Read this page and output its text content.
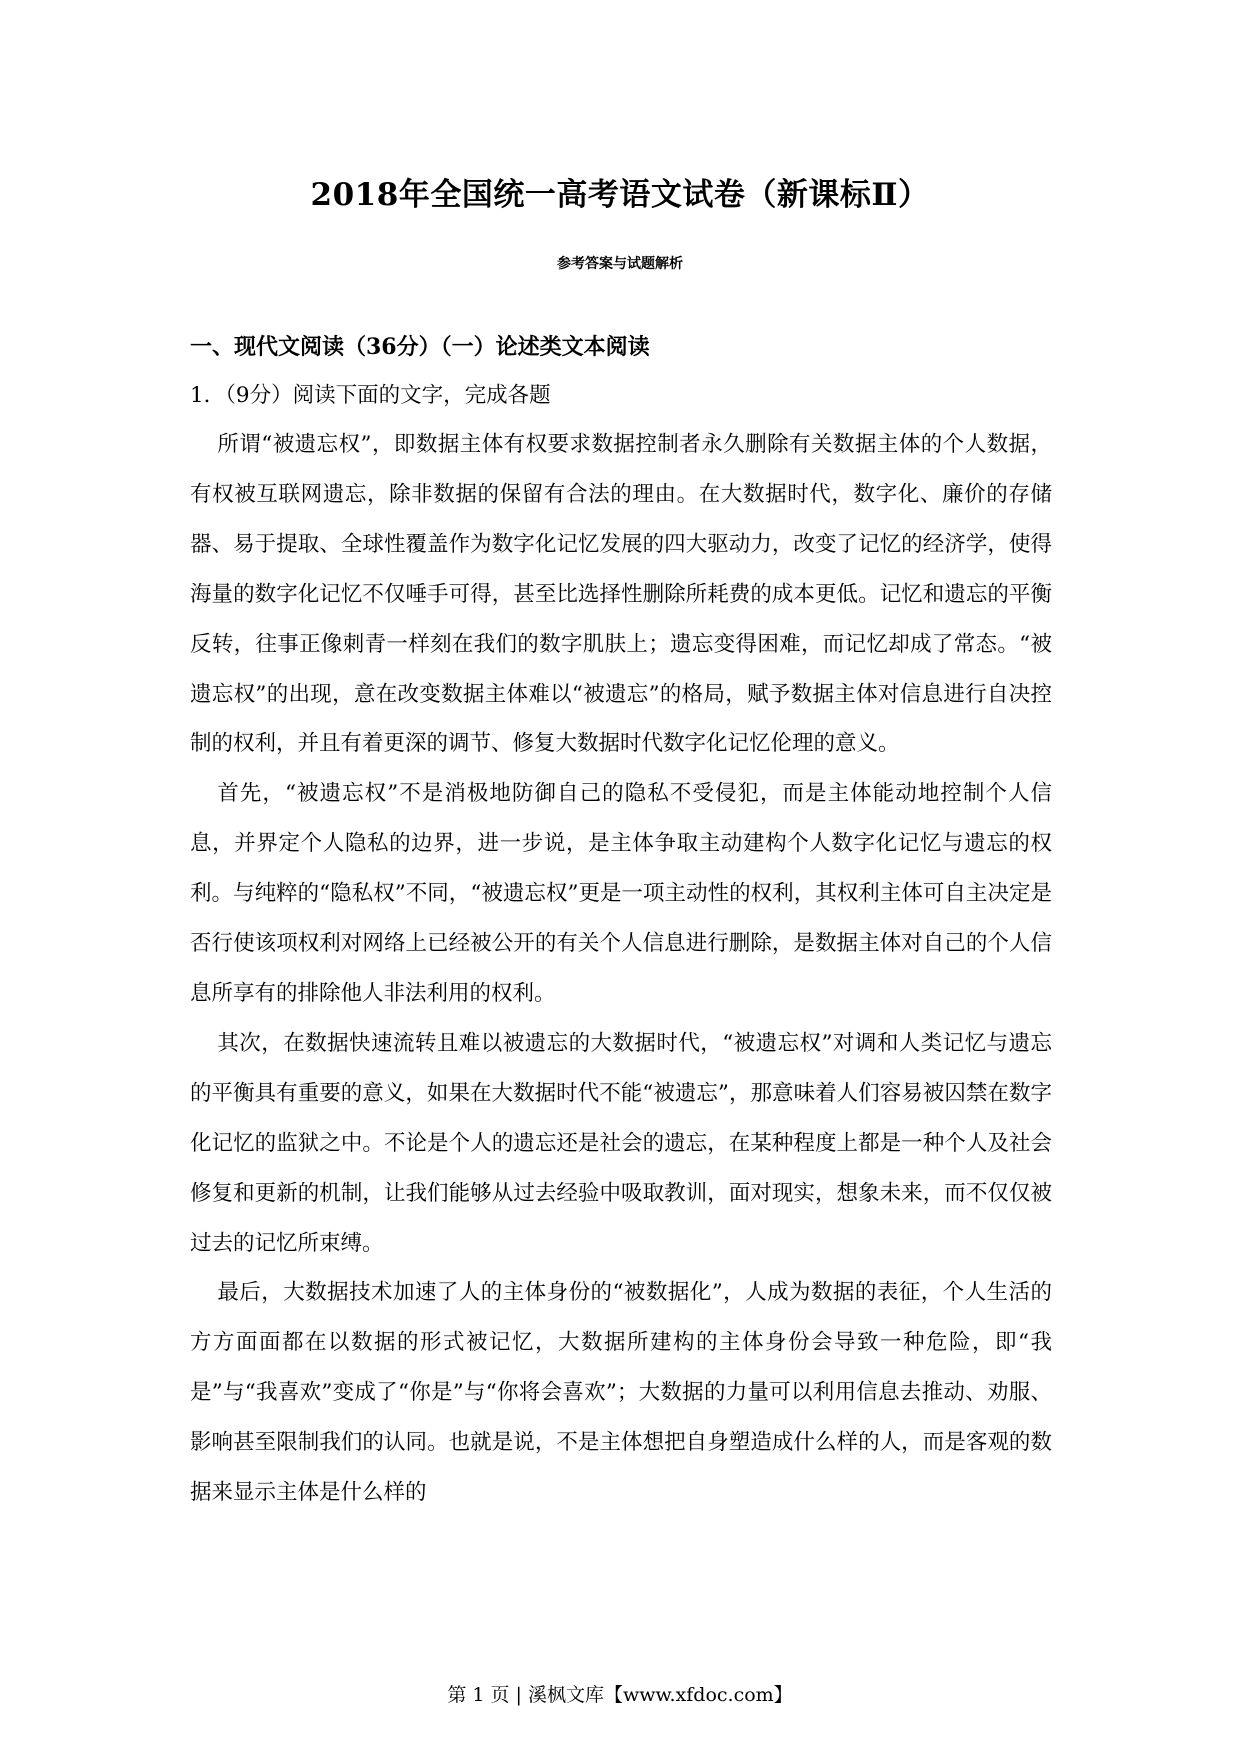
2018年全国统一高考语文试卷（新课标Ⅱ）
参考答案与试题解析
一、现代文阅读（36分）（一）论述类文本阅读
1．（9分）阅读下面的文字，完成各题

所谓“被遗忘权”，即数据主体有权要求数据控制者永久删除有关数据主体的个人数据，有权被互联网遗忘，除非数据的保留有合法的理由。在大数据时代，数字化、廉价的存储器、易于提取、全球性覆盖作为数字化记忆发展的四大驱动力，改变了记忆的经济学，使得海量的数字化记忆不仅唾手可得，甚至比选择性删除所耗费的成本更低。记忆和遗忘的平衡反转，往事正像刺青一样刻在我们的数字肌肤上；遗忘变得困难，而记忆却成了常态。“被遗忘权”的出现，意在改变数据主体难以“被遗忘”的格局，赋予数据主体对信息进行自决控制的权利，并且有着更深的调节、修复大数据时代数字化记忆伦理的意义。

首先，“被遗忘权”不是消极地防御自己的隐私不受侵犯，而是主体能动地控制个人信息，并界定个人隐私的边界，进一步说，是主体争取主动建构个人数字化记忆与遗忘的权利。与纯粹的“隐私权”不同，“被遗忘权”更是一项主动性的权利，其权利主体可自主决定是否行使该项权利对网络上已经被公开的有关个人信息进行删除，是数据主体对自己的个人信息所享有的排除他人非法利用的权利。

其次，在数据快速流转且难以被遗忘的大数据时代，“被遗忘权”对调和人类记忆与遗忘的平衡具有重要的意义，如果在大数据时代不能“被遗忘”，那意味着人们容易被囚禁在数字化记忆的监狱之中。不论是个人的遗忘还是社会的遗忘，在某种程度上都是一种个人及社会修复和更新的机制，让我们能够从过去经验中吸取教训，面对现实，想象未来，而不仅仅被过去的记忆所束缚。

最后，大数据技术加速了人的主体身份的“被数据化”，人成为数据的表征，个人生活的方方面面都在以数据的形式被记忆，大数据所建构的主体身份会导致一种危险，即“我是”与“我喜欢”变成了“你是”与“你将会喜欢”；大数据的力量可以利用信息去推动、劝服、影响甚至限制我们的认同。也就是说，不是主体想把自身塑造成什么样的人，而是客观的数据来显示主体是什么样的

第 1 页 | 溪枫文库【www.xfdoc.com】
